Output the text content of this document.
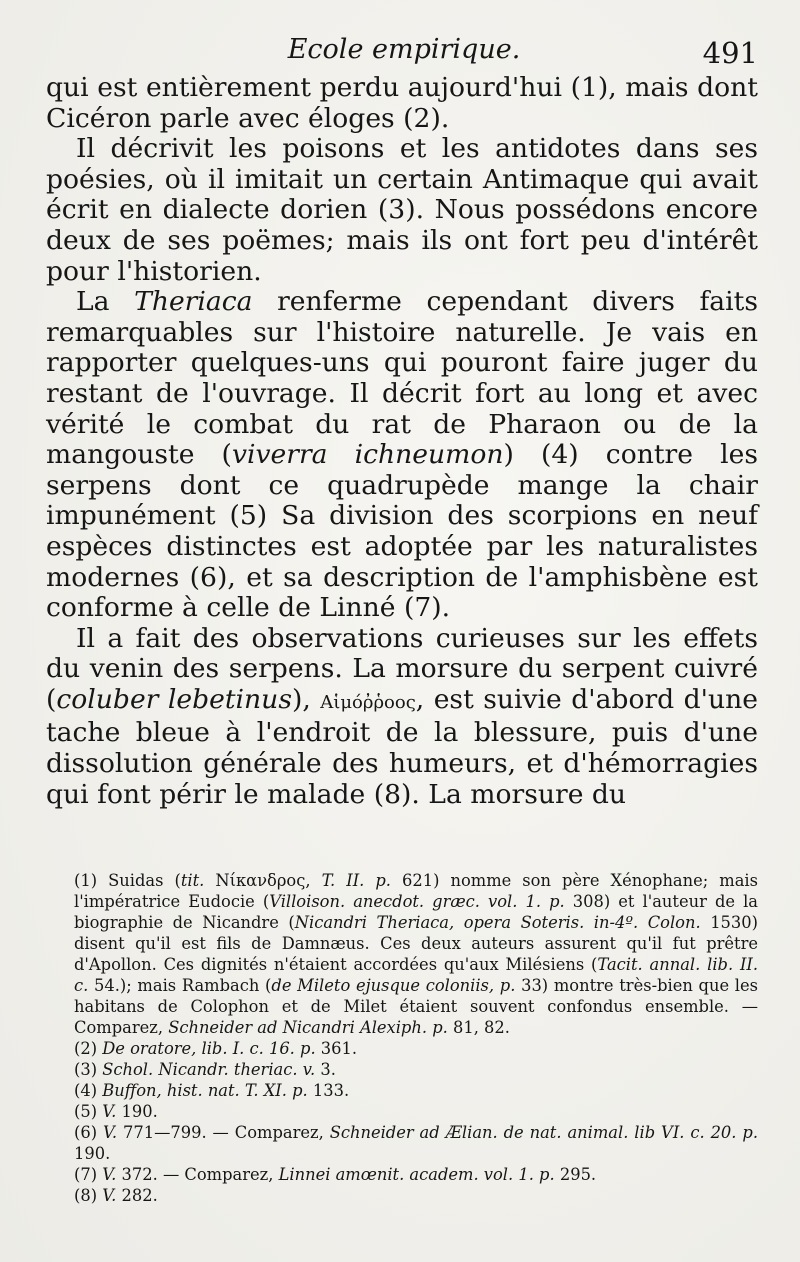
Ecole empirique.	491

qui est entièrement perdu aujourd'hui (1), mais dont Cicéron parle avec éloges (2).

Il décrivit les poisons et les antidotes dans ses poésies, où il imitait un certain Antimaque qui avait écrit en dialecte dorien (3). Nous possédons encore deux de ses poëmes; mais ils ont fort peu d'intérêt pour l'historien.

La Theriaca renferme cependant divers faits remarquables sur l'histoire naturelle. Je vais en rapporter quelques-uns qui pouront faire juger du restant de l'ouvrage. Il décrit fort au long et avec vérité le combat du rat de Pharaon ou de la mangouste (viverra ichneumon) (4) contre les serpens dont ce quadrupède mange la chair impunément (5) Sa division des scorpions en neuf espèces distinctes est adoptée par les naturalistes modernes (6), et sa description de l'amphisbène est conforme à celle de Linné (7).

Il a fait des observations curieuses sur les effets du venin des serpens. La morsure du serpent cuivré (coluber lebetinus), Αἱμόῤῥοος, est suivie d'abord d'une tache bleue à l'endroit de la blessure, puis d'une dissolution générale des humeurs, et d'hémorragies qui font périr le malade (8). La morsure du

(1) Suidas (tit. Νίκανδρος, T. II. p. 621) nomme son père Xénophane; mais l'impératrice Eudocie (Villoison. anecdot. græc. vol. 1. p. 308) et l'auteur de la biographie de Nicandre (Nicandri Theriaca, opera Soteris. in-4º. Colon. 1530) disent qu'il est fils de Damnæus. Ces deux auteurs assurent qu'il fut prêtre d'Apollon. Ces dignités n'étaient accordées qu'aux Milésiens (Tacit. annal. lib. II. c. 54.); mais Rambach (de Mileto ejusque coloniis, p. 33) montre très-bien que les habitans de Colophon et de Milet étaient souvent confondus ensemble. — Comparez, Schneider ad Nicandri Alexiph. p. 81, 82.

(2) De oratore, lib. I. c. 16. p. 361.

(3) Schol. Nicandr. theriac. v. 3.

(4) Buffon, hist. nat. T. XI. p. 133.

(5) V. 190.

(6) V. 771—799. — Comparez, Schneider ad Ælian. de nat. animal. lib VI. c. 20. p. 190.

(7) V. 372. — Comparez, Linnei amœnit. academ. vol. 1. p. 295.

(8) V. 282.
